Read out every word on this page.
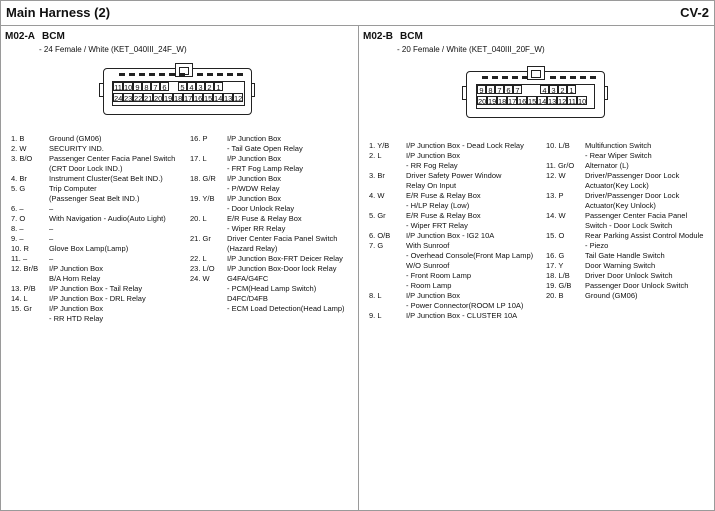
Main Harness (2)	CV-2
M02-A BCM
- 24 Female / White (KET_040III_24F_W)
11 10 9 8 7 6	5 4 3 2 1
24 23 22 21 20 19 18 17 16 15 14 13 12
1. B	Ground (GM06)
2. W	SECURITY IND.
3. B/O Passenger Center Facia Panel Switch
(CRT Door Lock IND.)
4. Br	Instrument Cluster(Seat Belt IND.)
5. G	Trip Computer
(Passenger Seat Belt IND.)
6. –	–
7. O	With Navigation - Audio(Auto Light)
8. –	–
9. –	–
10. R	Glove Box Lamp(Lamp)
11. –	–
12. Br/B I/P Junction Box
B/A Horn Relay
13. P/B I/P Junction Box - Tail Relay
14. L	I/P Junction Box - DRL Relay
15. Gr I/P Junction Box
- RR HTD Relay
16. P	I/P Junction Box
- Tail Gate Open Relay
17. L	I/P Junction Box
- FRT Fog Lamp Relay
18. G/R I/P Junction Box
- P/WDW Relay
19. Y/B I/P Junction Box
- Door Unlock Relay
20. L	E/R Fuse & Relay Box
- Wiper RR Relay
21. Gr Driver Center Facia Panel Switch
(Hazard Relay)
22. L	I/P Junction Box-FRT Deicer Relay
23. L/O I/P Junction Box-Door lock Relay
24. W G4FA/G4FC
- PCM(Head Lamp Switch)
D4FC/D4FB
- ECM Load Detection(Head Lamp)
M02-B BCM
- 20 Female / White (KET_040III_20F_W)
9 8 7 6 7	4 3 2 1
20 19 18 17 16 15 14 13 12 11 10
1. Y/B I/P Junction Box - Dead Lock Relay
2. L	I/P Junction Box
- RR Fog Relay
3. Br	Driver Safety Power Window
Relay On Input
4. W	E/R Fuse & Relay Box
- H/LP Relay (Low)
5. Gr	E/R Fuse & Relay Box
- Wiper FRT Relay
6. O/B I/P Junction Box - IG2 10A
7. G	With Sunroof
- Overhead Console(Front Map Lamp)
W/O Sunroof
- Front Room Lamp
- Room Lamp
8. L	I/P Junction Box
- Power Connector(ROOM LP 10A)
9. L	I/P Junction Box - CLUSTER 10A
10. L/B Multifunction Switch
- Rear Wiper Switch
11. Gr/O Alternator (L)
12. W	Driver/Passenger Door Lock
Actuator(Key Lock)
13. P	Driver/Passenger Door Lock
Actuator(Key Unlock)
14. W	Passenger Center Facia Panel
Switch - Door Lock Switch
15. O	Rear Parking Assist Control Module
- Piezo
16. G	Tail Gate Handle Switch
17. Y	Door Warning Switch
18. L/B Driver Door Unlock Switch
19. G/B Passenger Door Unlock Switch
20. B	Ground (GM06)
